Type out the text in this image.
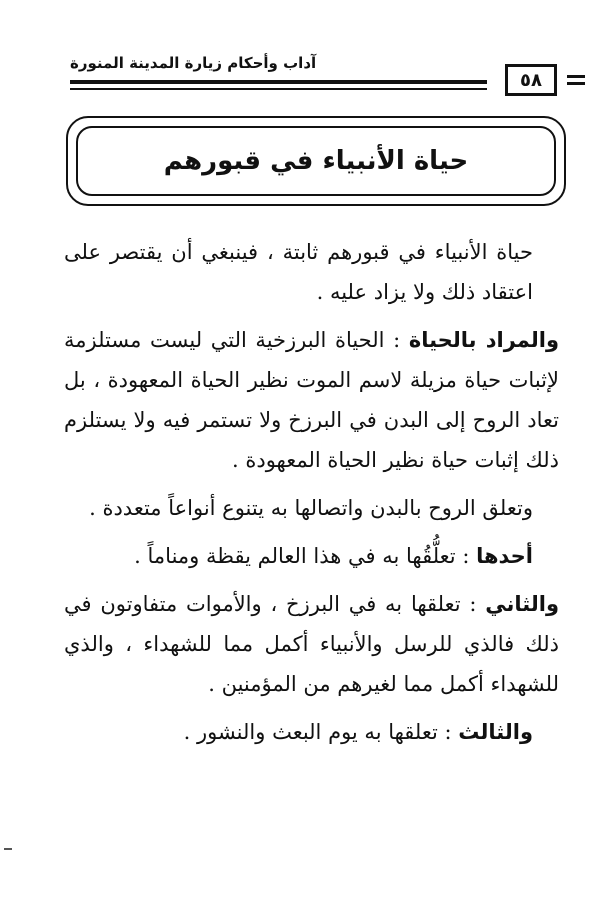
آداب وأحكام زيارة المدينة المنورة
٥٨
حياة الأنبياء في قبورهم

حياة الأنبياء في قبورهم ثابتة ، فينبغي أن يقتصر على اعتقاد ذلك ولا يزاد عليه .

والمراد بالحياة : الحياة البرزخية التي ليست مستلزمة لإثبات حياة مزيلة لاسم الموت نظير الحياة المعهودة ، بل تعاد الروح إلى البدن في البرزخ ولا تستمر فيه ولا يستلزم ذلك إثبات حياة نظير الحياة المعهودة .

وتعلق الروح بالبدن واتصالها به يتنوع أنواعاً متعددة .

أحدها : تعلُّقُها به في هذا العالم يقظة ومناماً .

والثاني : تعلقها به في البرزخ ، والأموات متفاوتون في ذلك فالذي للرسل والأنبياء أكمل مما للشهداء ، والذي للشهداء أكمل مما لغيرهم من المؤمنين .

والثالث : تعلقها به يوم البعث والنشور .
